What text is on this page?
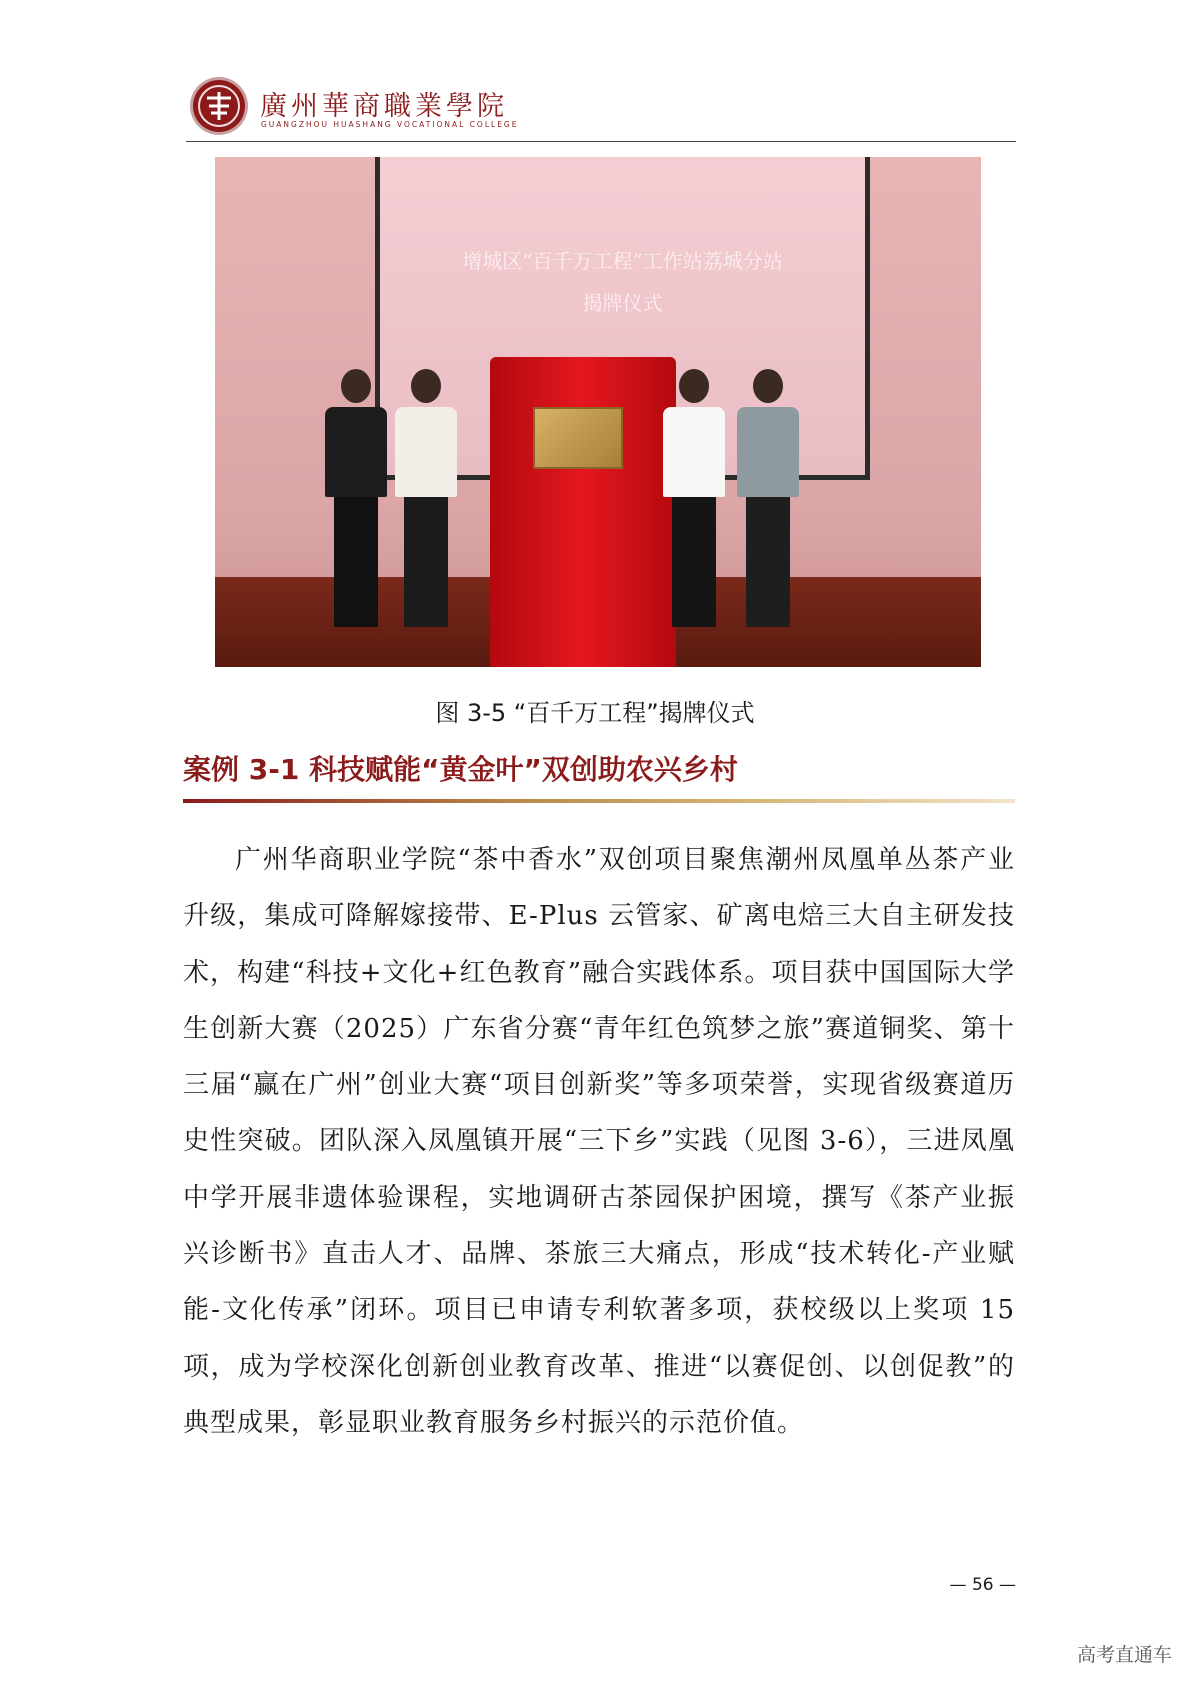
廣州華商職業學院
GUANGZHOU HUASHANG VOCATIONAL COLLEGE
增城区“百千万工程”工作站荔城分站
揭牌仪式
图 3-5 “百千万工程”揭牌仪式
案例 3-1 科技赋能“黄金叶”双创助农兴乡村
广州华商职业学院“茶中香水”双创项目聚焦潮州凤凰单丛茶产业升级，集成可降解嫁接带、E-Plus 云管家、矿离电焙三大自主研发技术，构建“科技+文化+红色教育”融合实践体系。项目获中国国际大学生创新大赛（2025）广东省分赛“青年红色筑梦之旅”赛道铜奖、第十三届“赢在广州”创业大赛“项目创新奖”等多项荣誉，实现省级赛道历史性突破。团队深入凤凰镇开展“三下乡”实践（见图 3-6），三进凤凰中学开展非遗体验课程，实地调研古茶园保护困境，撰写《茶产业振兴诊断书》直击人才、品牌、茶旅三大痛点，形成“技术转化-产业赋能-文化传承”闭环。项目已申请专利软著多项，获校级以上奖项 15 项，成为学校深化创新创业教育改革、推进“以赛促创、以创促教”的典型成果，彰显职业教育服务乡村振兴的示范价值。
— 56 —
高考直通车
